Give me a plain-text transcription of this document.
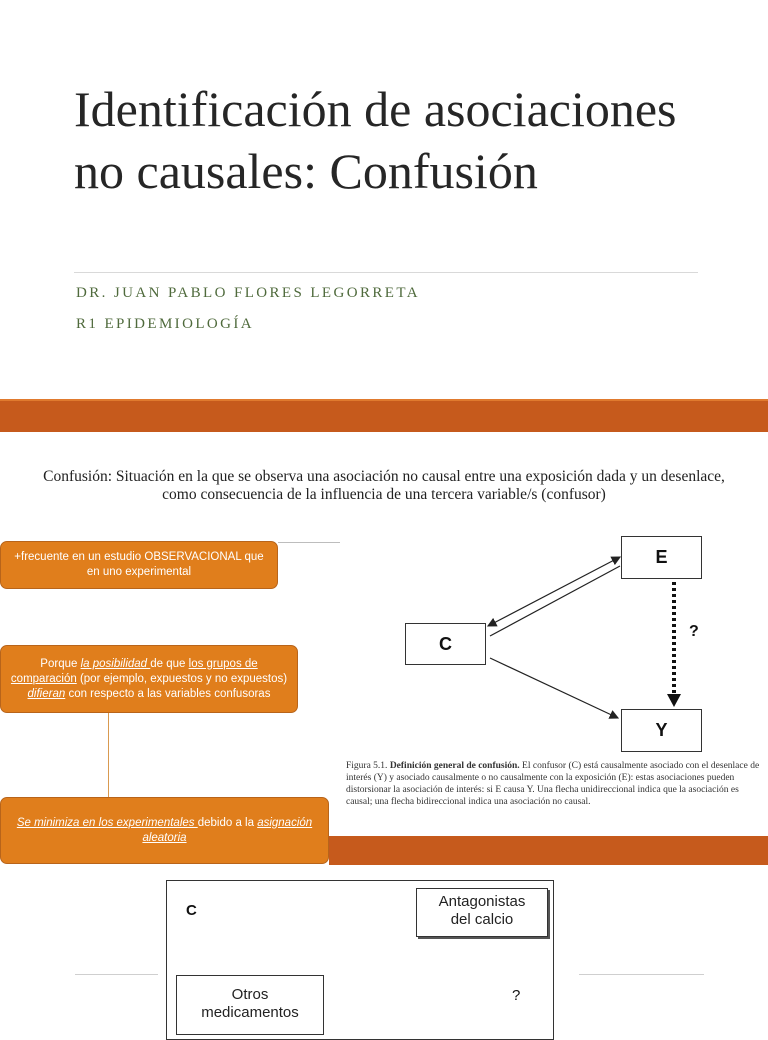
Identificación de asociaciones no causales: Confusión
DR. JUAN PABLO FLORES LEGORRETA
R1 EPIDEMIOLOGÍA
Confusión: Situación en la que se observa una asociación no causal entre una exposición dada y un desenlace, como consecuencia de la influencia de una tercera variable/s (confusor)
+frecuente en un estudio OBSERVACIONAL que en uno experimental
Porque la posibilidad de que los grupos de comparación (por ejemplo, expuestos y no expuestos) difieran con respecto a las variables confusoras
Se minimiza en los experimentales debido a la asignación aleatoria
C
E
Y
?
Figura 5.1. Definición general de confusión. El confusor (C) está causalmente asociado con el desenlace de interés (Y) y asociado causalmente o no causalmente con la exposición (E): estas asociaciones pueden distorsionar la asociación de interés: si E causa Y. Una flecha unidireccional indica que la asociación es causal; una flecha bidireccional indica una asociación no causal.
C
Antagonistas
del calcio
Otros
medicamentos
?
